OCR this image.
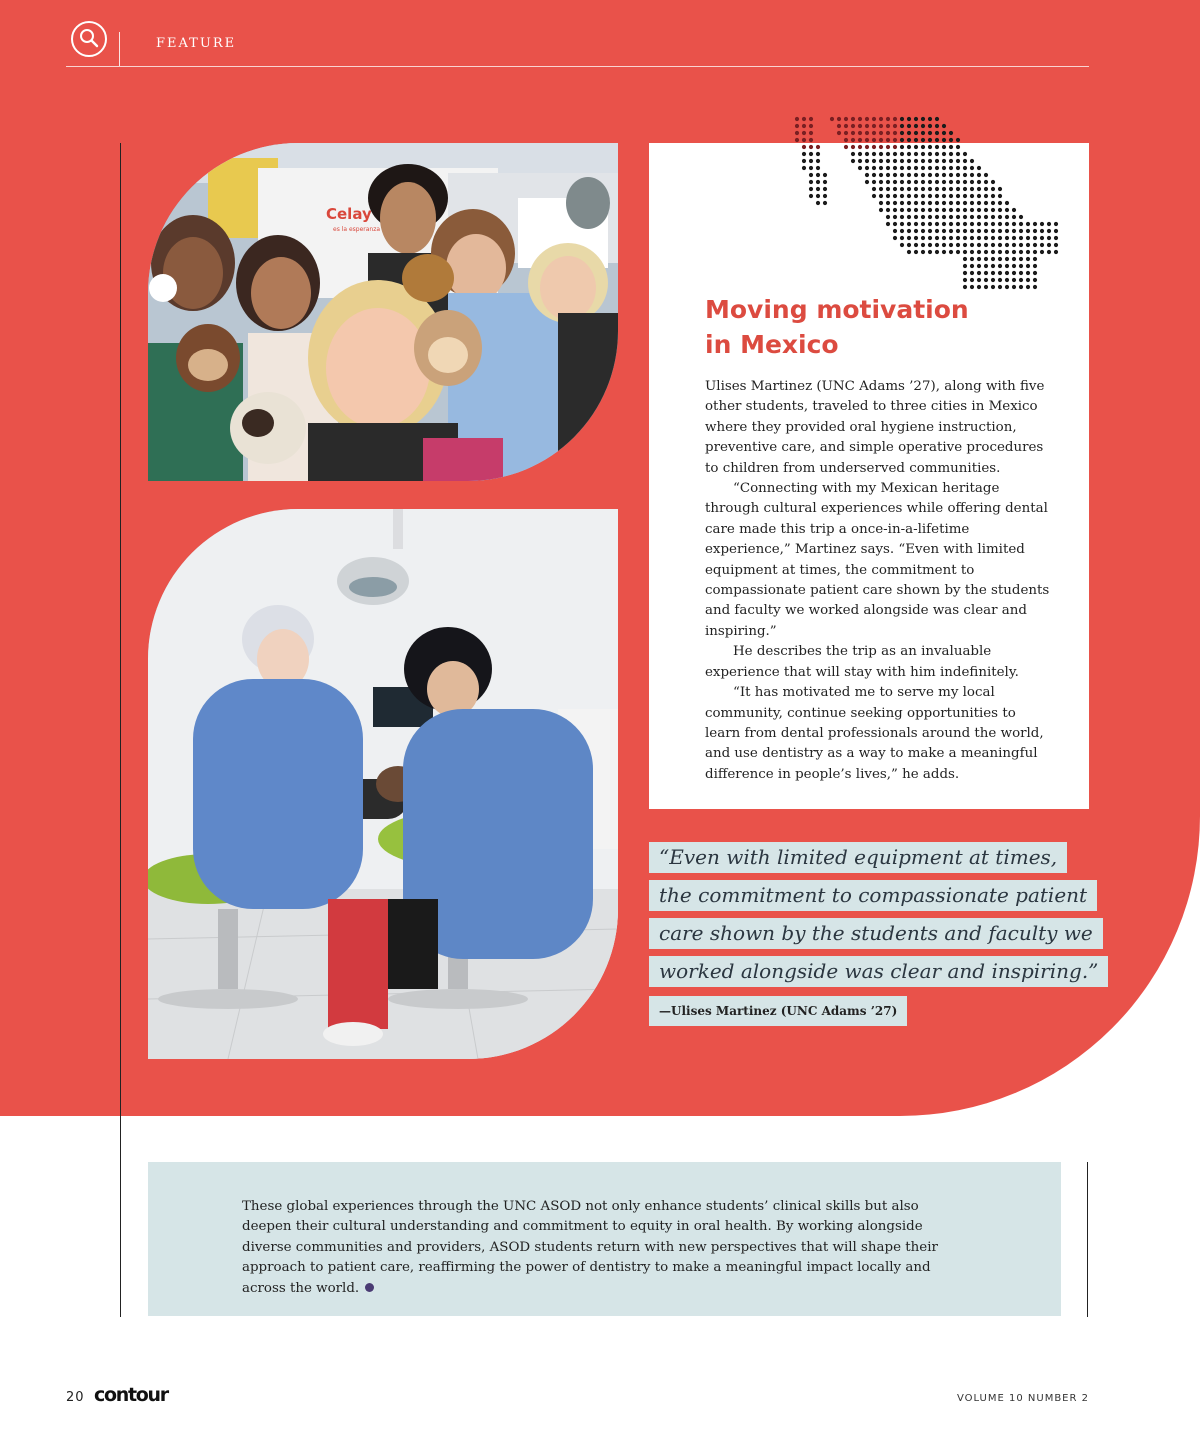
FEATURE
Celay
es la esperanza
Moving motivation
in Mexico

Ulises Martinez (UNC Adams ’27), along with five other students, traveled to three cities in Mexico where they provided oral hygiene instruction, preventive care, and simple operative procedures to children from underserved communities.

“Connecting with my Mexican heritage through cultural experiences while offering dental care made this trip a once-in-a-lifetime experience,” Martinez says. “Even with limited equipment at times, the commitment to compassionate patient care shown by the students and faculty we worked alongside was clear and inspiring.”

He describes the trip as an invaluable experience that will stay with him indefinitely.

“It has motivated me to serve my local community, continue seeking opportunities to learn from dental professionals around the world, and use dentistry as a way to make a meaningful difference in people’s lives,” he adds.

“Even with limited equipment at times,
the commitment to compassionate patient
care shown by the students and faculty we
worked alongside was clear and inspiring.”
—Ulises Martinez (UNC Adams ’27)
These global experiences through the UNC ASOD not only enhance students’ clinical skills but also deepen their cultural understanding and commitment to equity in oral health. By working alongside diverse communities and providers, ASOD students return with new perspectives that will shape their approach to patient care, reaffirming the power of dentistry to make a meaningful impact locally and across the world.
20 contour	VOLUME 10 NUMBER 2
